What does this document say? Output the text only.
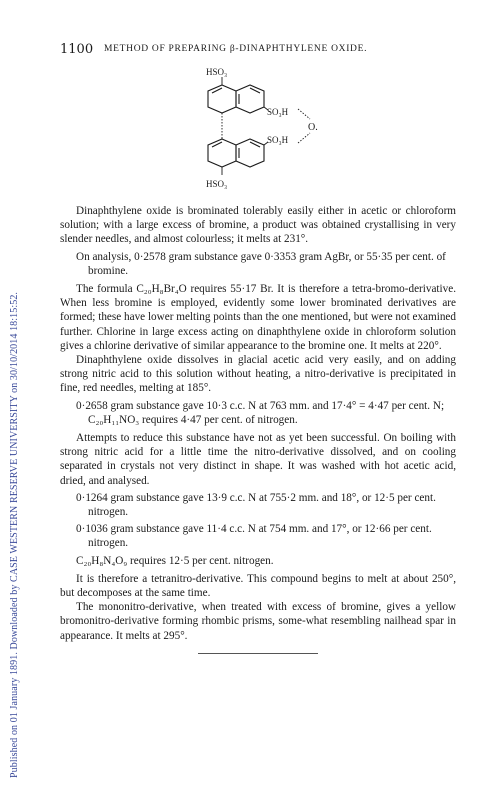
Published on 01 January 1891. Downloaded by CASE WESTERN RESERVE UNIVERSITY on 30/10/2014 18:15:52.
1100 METHOD OF PREPARING β-DINAPHTHYLENE OXIDE.
HSO₃
SO₃H
O.
SO₃H
HSO₃

Dinaphthylene oxide is brominated tolerably easily either in acetic or chloroform solution; with a large excess of bromine, a product was obtained crystallising in very slender needles, and almost colourless; it melts at 231°.

On analysis, 0·2578 gram substance gave 0·3353 gram AgBr, or 55·35 per cent. of bromine.

The formula C₂₀H₈Br₄O requires 55·17 Br. It is therefore a tetra-bromo-derivative. When less bromine is employed, evidently some lower brominated derivatives are formed; these have lower melting points than the one mentioned, but were not examined further. Chlorine in large excess acting on dinaphthylene oxide in chloroform solution gives a chlorine derivative of similar appearance to the bromine one. It melts at 220°.

Dinaphthylene oxide dissolves in glacial acetic acid very easily, and on adding strong nitric acid to this solution without heating, a nitro-derivative is precipitated in fine, red needles, melting at 185°.

0·2658 gram substance gave 10·3 c.c. N at 763 mm. and 17·4° = 4·47 per cent. N; C₂₀H₁₁NO₃ requires 4·47 per cent. of nitrogen.

Attempts to reduce this substance have not as yet been successful. On boiling with strong nitric acid for a little time the nitro-derivative dissolved, and on cooling separated in crystals not very distinct in shape. It was washed with hot acetic acid, dried, and analysed.

0·1264 gram substance gave 13·9 c.c. N at 755·2 mm. and 18°, or 12·5 per cent. nitrogen.

0·1036 gram substance gave 11·4 c.c. N at 754 mm. and 17°, or 12·66 per cent. nitrogen.

C₂₀H₈N₄O₉ requires 12·5 per cent. nitrogen.

It is therefore a tetranitro-derivative. This compound begins to melt at about 250°, but decomposes at the same time.

The mononitro-derivative, when treated with excess of bromine, gives a yellow bromonitro-derivative forming rhombic prisms, some-what resembling nailhead spar in appearance. It melts at 295°.
